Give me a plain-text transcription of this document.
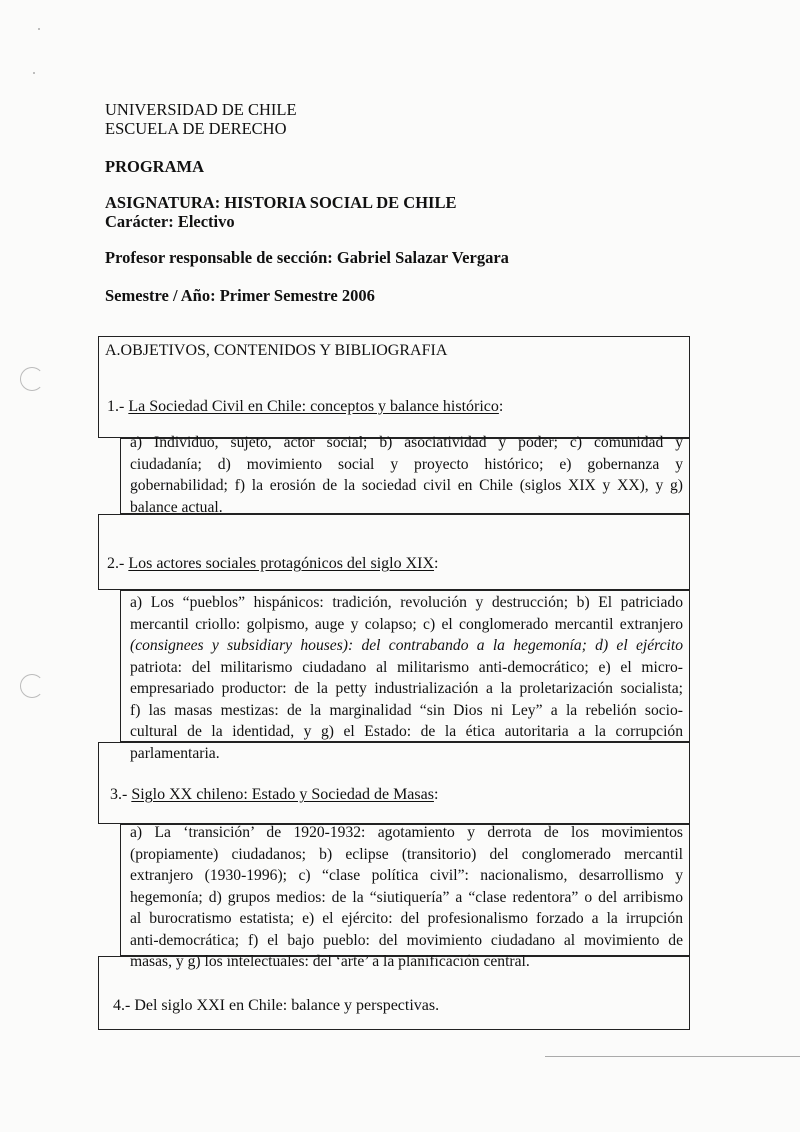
UNIVERSIDAD DE CHILE
ESCUELA DE DERECHO
PROGRAMA
ASIGNATURA: HISTORIA SOCIAL DE CHILE
Carácter: Electivo
Profesor responsable de sección: Gabriel Salazar Vergara
Semestre / Año: Primer Semestre 2006
A.OBJETIVOS, CONTENIDOS Y BIBLIOGRAFIA
1.- La Sociedad Civil en Chile: conceptos y balance histórico:
a) Individuo, sujeto, actor social; b) asociatividad y poder; c) comunidad y
ciudadanía; d) movimiento social y proyecto histórico; e) gobernanza y
gobernabilidad; f) la erosión de la sociedad civil en Chile (siglos XIX y XX), y g)
balance actual.
2.- Los actores sociales protagónicos del siglo XIX:
a) Los “pueblos” hispánicos: tradición, revolución y destrucción; b) El patriciado
mercantil criollo: golpismo, auge y colapso; c) el conglomerado mercantil extranjero
(consignees y subsidiary houses): del contrabando a la hegemonía; d) el ejército
patriota: del militarismo ciudadano al militarismo anti-democrático; e) el micro-
empresariado productor: de la petty industrialización a la proletarización socialista;
f) las masas mestizas: de la marginalidad “sin Dios ni Ley” a la rebelión socio-
cultural de la identidad, y g) el Estado: de la ética autoritaria a la corrupción
parlamentaria.
3.- Siglo XX chileno: Estado y Sociedad de Masas:
a) La ‘transición’ de 1920-1932: agotamiento y derrota de los movimientos
(propiamente) ciudadanos; b) eclipse (transitorio) del conglomerado mercantil
extranjero (1930-1996); c) “clase política civil”: nacionalismo, desarrollismo y
hegemonía; d) grupos medios: de la “siutiquería” a “clase redentora” o del arribismo
al burocratismo estatista; e) el ejército: del profesionalismo forzado a la irrupción
anti-democrática; f) el bajo pueblo: del movimiento ciudadano al movimiento de
masas, y g) los intelectuales: del ‘arte’ a la planificación central.
4.- Del siglo XXI en Chile: balance y perspectivas.
